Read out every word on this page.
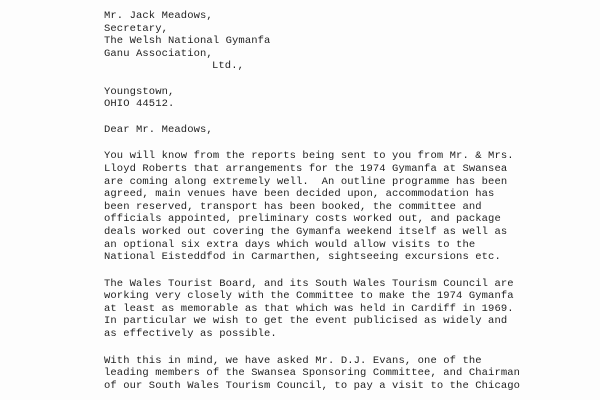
Mr. Jack Meadows,
Secretary,
The Welsh National Gymanfa
Ganu Association,
Ltd.,
Youngstown,
OHIO 44512.
Dear Mr. Meadows,
You will know from the reports being sent to you from Mr. & Mrs.
Lloyd Roberts that arrangements for the 1974 Gymanfa at Swansea
are coming along extremely well.  An outline programme has been
agreed, main venues have been decided upon, accommodation has
been reserved, transport has been booked, the committee and
officials appointed, preliminary costs worked out, and package
deals worked out covering the Gymanfa weekend itself as well as
an optional six extra days which would allow visits to the
National Eisteddfod in Carmarthen, sightseeing excursions etc.
The Wales Tourist Board, and its South Wales Tourism Council are
working very closely with the Committee to make the 1974 Gymanfa
at least as memorable as that which was held in Cardiff in 1969.
In particular we wish to get the event publicised as widely and
as effectively as possible.
With this in mind, we have asked Mr. D.J. Evans, one of the
leading members of the Swansea Sponsoring Committee, and Chairman
of our South Wales Tourism Council, to pay a visit to the Chicago
